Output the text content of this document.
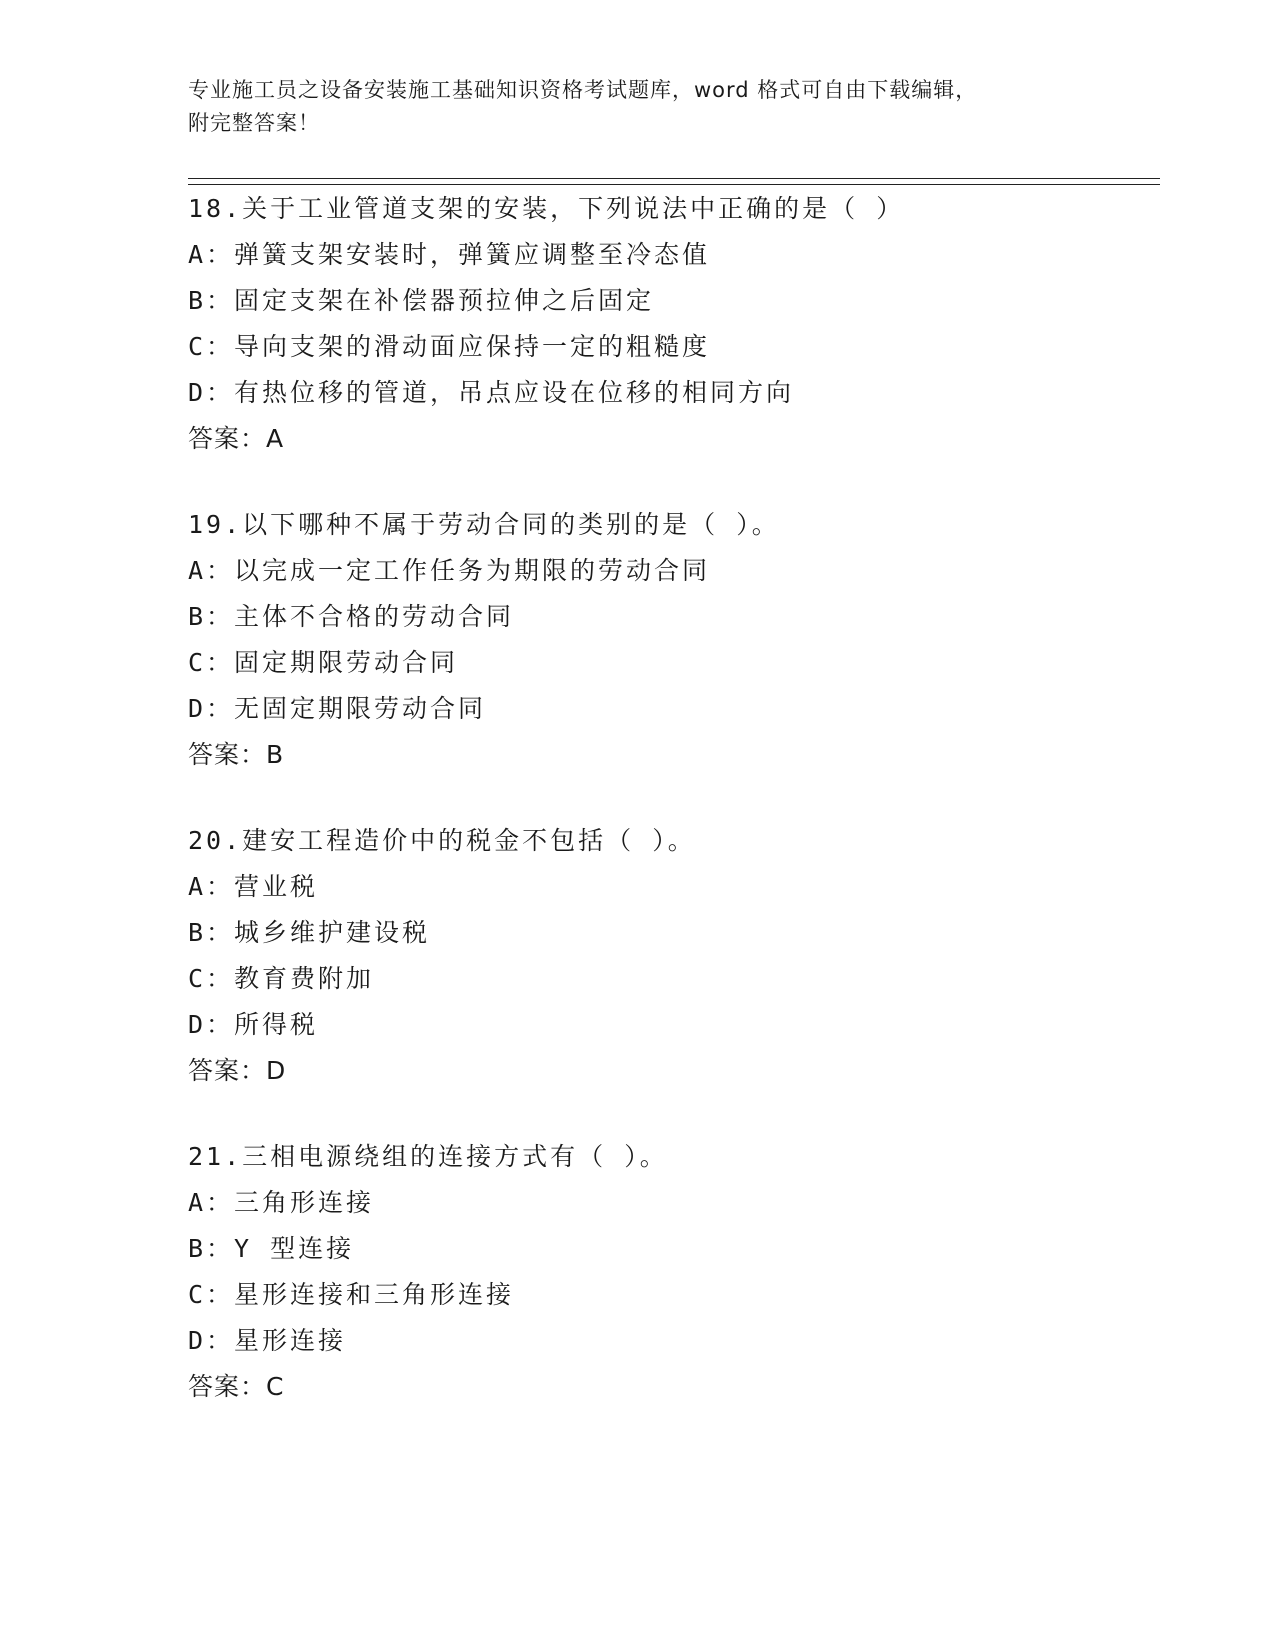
专业施工员之设备安装施工基础知识资格考试题库，word 格式可自由下载编辑，
附完整答案！
18.关于工业管道支架的安装，下列说法中正确的是（ ）
A：弹簧支架安装时，弹簧应调整至冷态值
B：固定支架在补偿器预拉伸之后固定
C：导向支架的滑动面应保持一定的粗糙度
D：有热位移的管道，吊点应设在位移的相同方向
答案：A
19.以下哪种不属于劳动合同的类别的是（ ）。
A：以完成一定工作任务为期限的劳动合同
B：主体不合格的劳动合同
C：固定期限劳动合同
D：无固定期限劳动合同
答案：B
20.建安工程造价中的税金不包括（ ）。
A：营业税
B：城乡维护建设税
C：教育费附加
D：所得税
答案：D
21.三相电源绕组的连接方式有（ ）。
A：三角形连接
B：Y 型连接
C：星形连接和三角形连接
D：星形连接
答案：C
